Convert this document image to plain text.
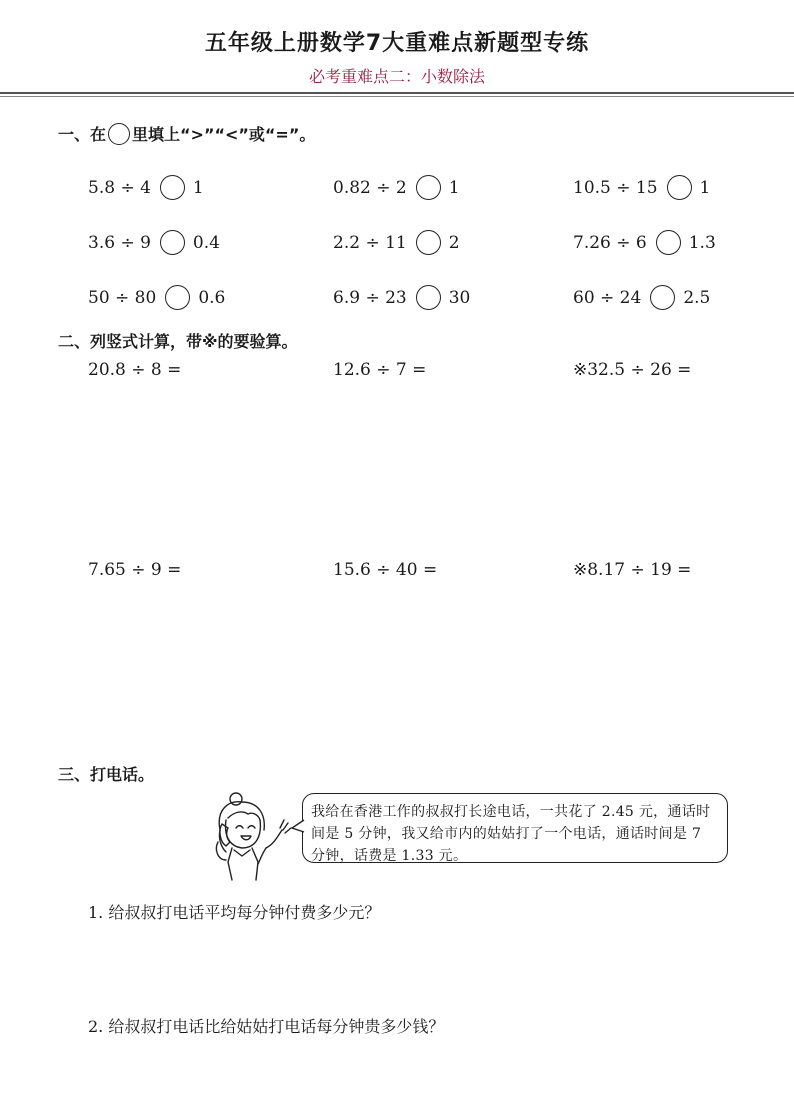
五年级上册数学7大重难点新题型专练
必考重难点二：小数除法
一、在 里填上“>”“<”或“=”。
5.8 ÷ 4 1	0.82 ÷ 2 1	10.5 ÷ 15 1
3.6 ÷ 9 0.4	2.2 ÷ 11 2	7.26 ÷ 6 1.3
50 ÷ 80 0.6	6.9 ÷ 23 30	60 ÷ 24 2.5
二、列竖式计算，带※的要验算。
20.8 ÷ 8 =	12.6 ÷ 7 =	※32.5 ÷ 26 =
7.65 ÷ 9 =	15.6 ÷ 40 =	※8.17 ÷ 19 =
三、打电话。
我给在香港工作的叔叔打长途电话，一共花了 2.45 元，通话时间是 5 分钟，我又给市内的姑姑打了一个电话，通话时间是 7 分钟，话费是 1.33 元。
1. 给叔叔打电话平均每分钟付费多少元？
2. 给叔叔打电话比给姑姑打电话每分钟贵多少钱？
